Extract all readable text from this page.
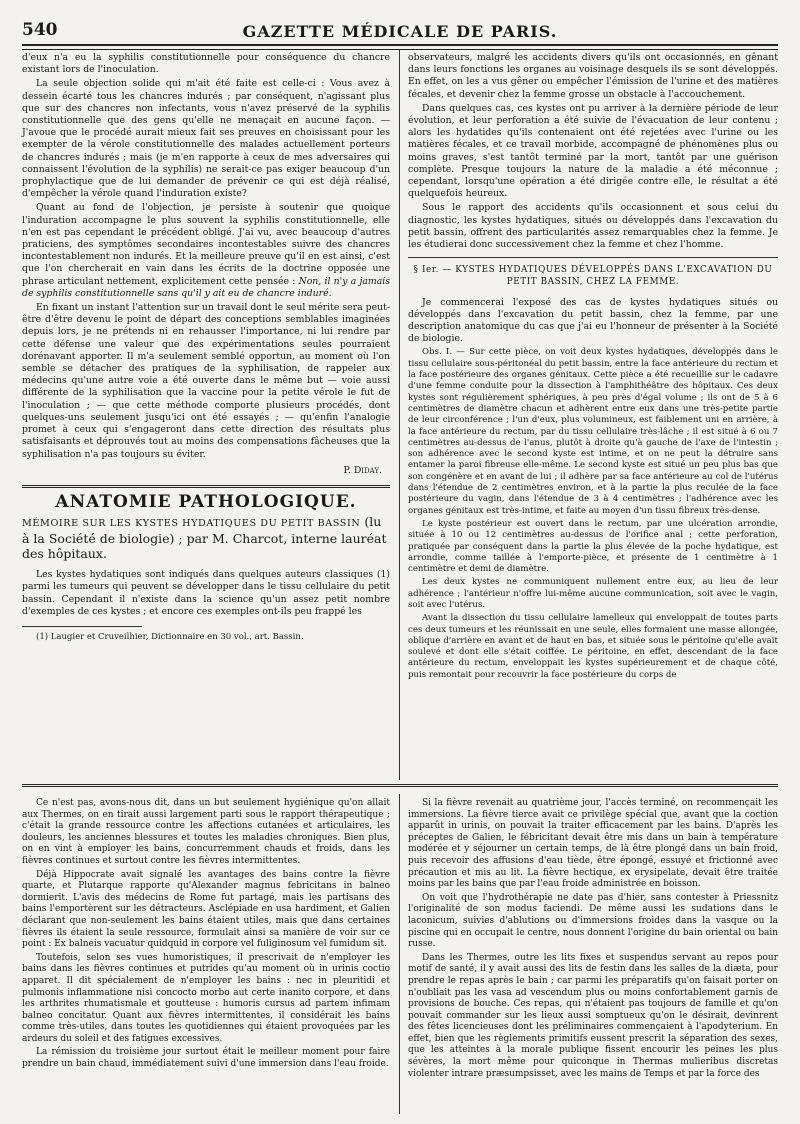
540	GAZETTE MÉDICALE DE PARIS.

d'eux n'a eu la syphilis constitutionnelle pour conséquence du chancre existant lors de l'inoculation.

La seule objection solide qui m'ait été faite est celle-ci : Vous avez à dessein écarté tous les chancres indurés ; par conséquent, n'agissant plus que sur des chancres non infectants, vous n'avez préservé de la syphilis constitutionnelle que des gens qu'elle ne menaçait en aucune façon. — J'avoue que le procédé aurait mieux fait ses preuves en choisissant pour les exempter de la vérole constitutionnelle des malades actuellement porteurs de chancres indurés ; mais (je m'en rapporte à ceux de mes adversaires qui connaissent l'évolution de la syphilis) ne serait-ce pas exiger beaucoup d'un prophylactique que de lui demander de prévenir ce qui est déjà réalisé, d'empêcher la vérole quand l'induration existe?

Quant au fond de l'objection, je persiste à soutenir que quoique l'induration accompagne le plus souvent la syphilis constitutionnelle, elle n'en est pas cependant le précédent obligé. J'ai vu, avec beaucoup d'autres praticiens, des symptômes secondaires incontestables suivre des chancres incontestablement non indurés. Et la meilleure preuve qu'il en est ainsi, c'est que l'on chercherait en vain dans les écrits de la doctrine opposée une phrase articulant nettement, explicitement cette pensée : Non, il n'y a jamais de syphilis constitutionnelle sans qu'il y ait eu de chancre induré.

En fixant un instant l'attention sur un travail dont le seul mérite sera peut-être d'être devenu le point de départ des conceptions semblables imaginées depuis lors, je ne prétends ni en rehausser l'importance, ni lui rendre par cette défense une valeur que des expérimentations seules pourraient dorénavant apporter. Il m'a seulement semblé opportun, au moment où l'on semble se détacher des pratiques de la syphilisation, de rappeler aux médecins qu'une autre voie a été ouverte dans le même but — voie aussi différente de la syphilisation que la vaccine pour la petite vérole le fut de l'inoculation ; — que cette méthode comporte plusieurs procédés, dont quelques-uns seulement jusqu'ici ont été essayés ; — qu'enfin l'analogie promet à ceux qui s'engageront dans cette direction des résultats plus satisfaisants et déprouvés tout au moins des compensations fâcheuses que la syphilisation n'a pas toujours su éviter.

P. Diday.
ANATOMIE PATHOLOGIQUE.
MÉMOIRE SUR LES KYSTES HYDATIQUES DU PETIT BASSIN (lu à la Société de biologie) ; par M. Charcot, interne lauréat des hôpitaux.

Les kystes hydatiques sont indiqués dans quelques auteurs classiques (1) parmi les tumeurs qui peuvent se développer dans le tissu cellulaire du petit bassin. Cependant il n'existe dans la science qu'un assez petit nombre d'exemples de ces kystes ; et encore ces exemples ont-ils peu frappé les

(1) Laugier et Cruveilhier, Dictionnaire en 30 vol., art. Bassin.

observateurs, malgré les accidents divers qu'ils ont occasionnés, en gênant dans leurs fonctions les organes au voisinage desquels ils se sont développés. En effet, on les a vus gêner ou empêcher l'émission de l'urine et des matières fécales, et devenir chez la femme grosse un obstacle à l'accouchement.

Dans quelques cas, ces kystes ont pu arriver à la dernière période de leur évolution, et leur perforation a été suivie de l'évacuation de leur contenu ; alors les hydatides qu'ils contenaient ont été rejetées avec l'urine ou les matières fécales, et ce travail morbide, accompagné de phénomènes plus ou moins graves, s'est tantôt terminé par la mort, tantôt par une guérison complète. Presque toujours la nature de la maladie a été méconnue ; cependant, lorsqu'une opération a été dirigée contre elle, le résultat a été quelquefois heureux.

Sous le rapport des accidents qu'ils occasionnent et sous celui du diagnostic, les kystes hydatiques, situés ou développés dans l'excavation du petit bassin, offrent des particularités assez remarquables chez la femme. Je les étudierai donc successivement chez la femme et chez l'homme.

§ Ier. — KYSTES HYDATIQUES DÉVELOPPÉS DANS L'EXCAVATION DU PETIT BASSIN, CHEZ LA FEMME.

Je commencerai l'exposé des cas de kystes hydatiques situés ou développés dans l'excavation du petit bassin, chez la femme, par une description anatomique du cas que j'ai eu l'honneur de présenter à la Société de biologie.

Obs. I. — Sur cette pièce, on voit deux kystes hydatiques, développés dans le tissu cellulaire sous-péritonéal du petit bassin, entre la face antérieure du rectum et la face postérieure des organes génitaux. Cette pièce a été recueillie sur le cadavre d'une femme conduite pour la dissection à l'amphithéâtre des hôpitaux. Ces deux kystes sont régulièrement sphériques, à peu près d'égal volume ; ils ont de 5 à 6 centimètres de diamètre chacun et adhèrent entre eux dans une très-petite partie de leur circonférence ; l'un d'eux, plus volumineux, est faiblement uni en arrière, à la face antérieure du rectum, par du tissu cellulaire très-lâche ; il est situé à 6 ou 7 centimètres au-dessus de l'anus, plutôt à droite qu'à gauche de l'axe de l'intestin ; son adhérence avec le second kyste est intime, et on ne peut la détruire sans entamer la paroi fibreuse elle-même. Le second kyste est situé un peu plus bas que son congénère et en avant de lui ; il adhère par sa face antérieure au col de l'utérus dans l'étendue de 2 centimètres environ, et à la partie la plus reculée de la face postérieure du vagin, dans l'étendue de 3 à 4 centimètres ; l'adhérence avec les organes génitaux est très-intime, et faite au moyen d'un tissu fibreux très-dense.

Le kyste postérieur est ouvert dans le rectum, par une ulcération arrondie, située à 10 ou 12 centimètres au-dessus de l'orifice anal ; cette perforation, pratiquée par conséquent dans la partie la plus élevée de la poche hydatique, est arrondie, comme taillée à l'emporte-pièce, et présente de 1 centimètre à 1 centimètre et demi de diamètre.

Les deux kystes ne communiquent nullement entre eux, au lieu de leur adhérence ; l'antérieur n'offre lui-même aucune communication, soit avec le vagin, soit avec l'utérus.

Avant la dissection du tissu cellulaire lamelleux qui enveloppait de toutes parts ces deux tumeurs et les réunissait en une seule, elles formaient une masse allongée, oblique d'arrière en avant et de haut en bas, et située sous le péritoine qu'elle avait soulevé et dont elle s'était coiffée. Le péritoine, en effet, descendant de la face antérieure du rectum, enveloppait les kystes supérieurement et de chaque côté, puis remontait pour recouvrir la face postérieure du corps de

Ce n'est pas, avons-nous dit, dans un but seulement hygiénique qu'on allait aux Thermes, on en tirait aussi largement parti sous le rapport thérapeutique ; c'était la grande ressource contre les affections cutanées et articulaires, les douleurs, les anciennes blessures et toutes les maladies chroniques. Bien plus, on en vint à employer les bains, concurremment chauds et froids, dans les fièvres continues et surtout contre les fièvres intermittentes.

Déjà Hippocrate avait signalé les avantages des bains contre la fièvre quarte, et Plutarque rapporte qu'Alexander magnus febricitans in balneo dormierit. L'avis des médecins de Rome fut partagé, mais les partisans des bains l'emportèrent sur les détracteurs. Asclépiade en usa hardiment, et Galien déclarant que non-seulement les bains étaient utiles, mais que dans certaines fièvres ils étaient la seule ressource, formulait ainsi sa manière de voir sur ce point : Ex balneis vacuatur quidquid in corpore vel fuliginosum vel fumidum sit.

Toutefois, selon ses vues humoristiques, il prescrivait de n'employer les bains dans les fièvres continues et putrides qu'au moment où in urinis coctio apparet. Il dit spécialement de n'employer les bains : nec in pleuritidi et pulmonis inflammatione nisi concocto morbo aut certe inanito corpore, et dans les arthrites rhumatismale et goutteuse : humoris cursus ad partem infimam balneo concitatur. Quant aux fièvres intermittentes, il considérait les bains comme très-utiles, dans toutes les quotidiennes qui étaient provoquées par les ardeurs du soleil et des fatigues excessives.

La rémission du troisième jour surtout était le meilleur moment pour faire prendre un bain chaud, immédiatement suivi d'une immersion dans l'eau froide.

Si la fièvre revenait au quatrième jour, l'accès terminé, on recommençait les immersions. La fièvre tierce avait ce privilège spécial que, avant que la coction apparût in urinis, on pouvait la traiter efficacement par les bains. D'après les préceptes de Galien, le fébricitant devait être mis dans un bain à température modérée et y séjourner un certain temps, de là être plongé dans un bain froid, puis recevoir des affusions d'eau tiède, être épongé, essuyé et frictionné avec précaution et mis au lit. La fièvre hectique, ex erysipelate, devait être traitée moins par les bains que par l'eau froide administrée en boisson.

On voit que l'hydrothérapie ne date pas d'hier, sans contester à Priessnitz l'originalité de son modus faciendi. De même aussi les sudations dans le laconicum, suivies d'ablutions ou d'immersions froides dans la vasque ou la piscine qui en occupait le centre, nous donnent l'origine du bain oriental ou bain russe.

Dans les Thermes, outre les lits fixes et suspendus servant au repos pour motif de santé, il y avait aussi des lits de festin dans les salles de la diæta, pour prendre le repas après le bain ; car parmi les préparatifs qu'on faisait porter on n'oubliait pas les vasa ad vescendum plus ou moins confortablement garnis de provisions de bouche. Ces repas, qui n'étaient pas toujours de famille et qu'on pouvait commander sur les lieux aussi somptueux qu'on le désirait, devinrent des fêtes licencieuses dont les préliminaires commençaient à l'apodyterium. En effet, bien que les règlements primitifs eussent prescrit la séparation des sexes, que les atteintes à la morale publique fissent encourir les peines les plus sévères, la mort même pour quiconque in Thermas mulieribus discretas violenter intrare præsumpsisset, avec les mains de Temps et par la force des
